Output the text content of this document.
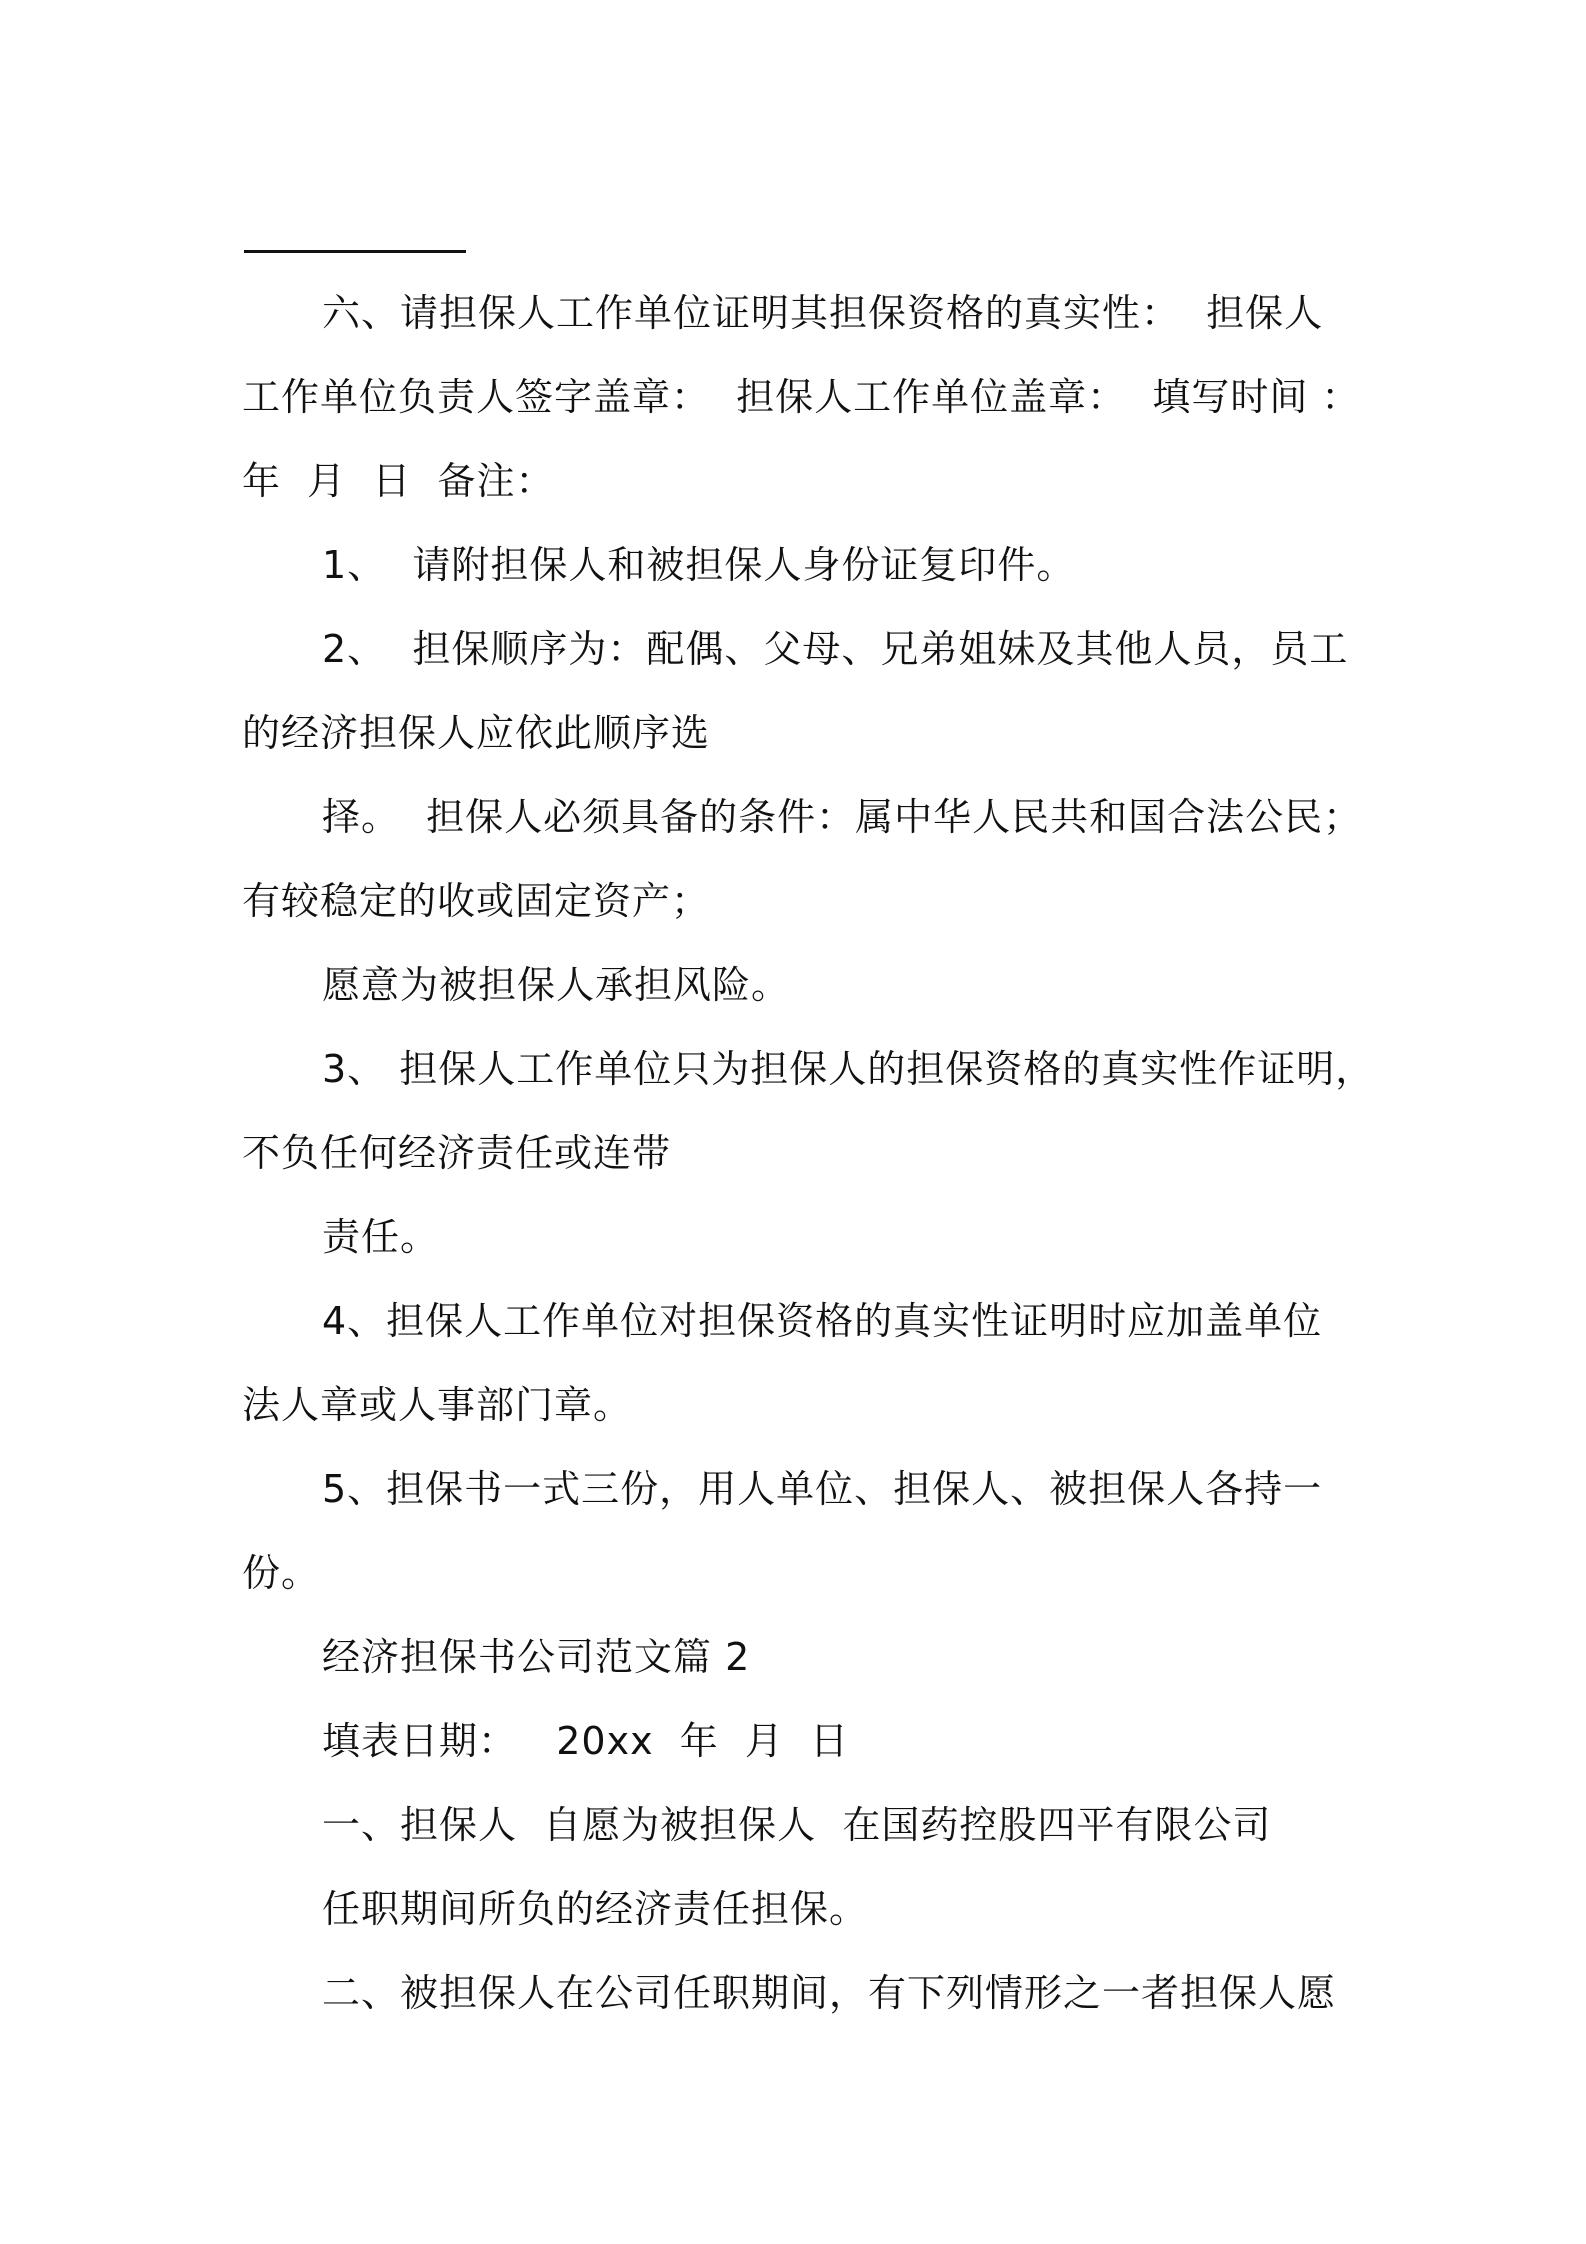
六、请担保人工作单位证明其担保资格的真实性：  担保人
工作单位负责人签字盖章：  担保人工作单位盖章：  填写时间 ：
年  月  日  备注：
1、  请附担保人和被担保人身份证复印件。
2、  担保顺序为：配偶、父母、兄弟姐妹及其他人员，员工
的经济担保人应依此顺序选
择。  担保人必须具备的条件：属中华人民共和国合法公民；
有较稳定的收或固定资产；
愿意为被担保人承担风险。
3、 担保人工作单位只为担保人的担保资格的真实性作证明，
不负任何经济责任或连带
责任。
4、担保人工作单位对担保资格的真实性证明时应加盖单位
法人章或人事部门章。
5、担保书一式三份，用人单位、担保人、被担保人各持一
份。
经济担保书公司范文篇 2
填表日期：   20xx  年  月  日
一、担保人  自愿为被担保人  在国药控股四平有限公司
任职期间所负的经济责任担保。
二、被担保人在公司任职期间，有下列情形之一者担保人愿
